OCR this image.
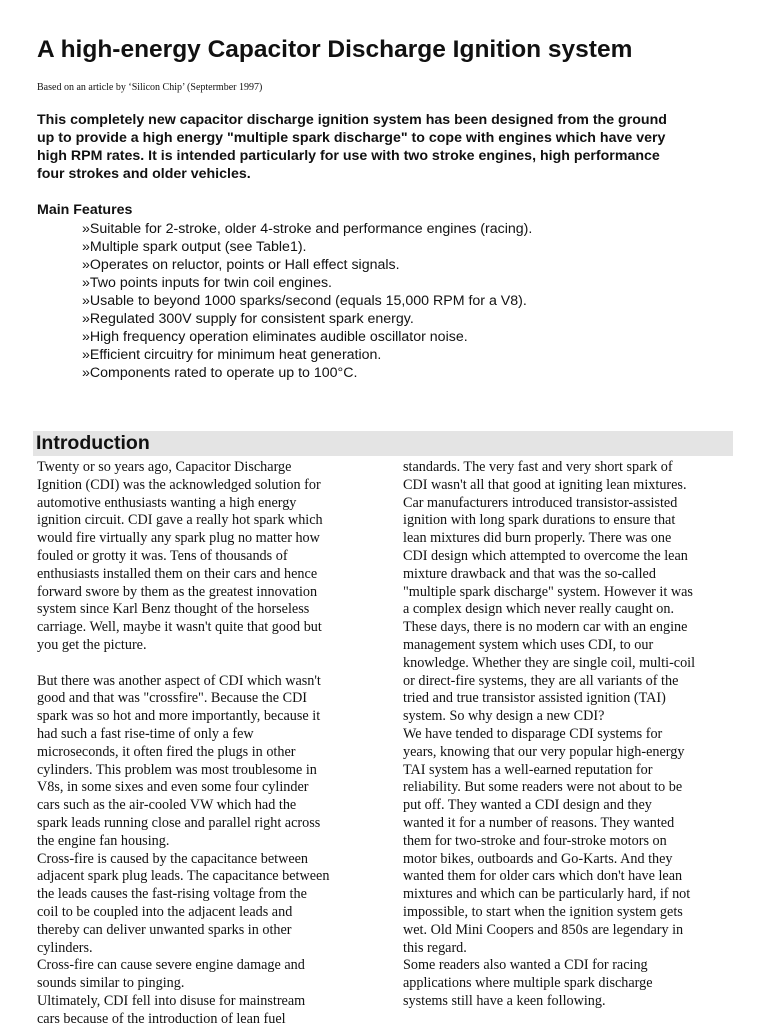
A high-energy Capacitor Discharge Ignition system
Based on an article by ‘Silicon Chip’ (Septermber 1997)

This completely new capacitor discharge ignition system has been designed from the ground

up to provide a high energy "multiple spark discharge" to cope with engines which have very

high RPM rates. It is intended particularly for use with two stroke engines, high performance

four strokes and older vehicles.

Main Features
»Suitable for 2-stroke, older 4-stroke and performance engines (racing).
»Multiple spark output (see Table1).
»Operates on reluctor, points or Hall effect signals.
»Two points inputs for twin coil engines.
»Usable to beyond 1000 sparks/second (equals 15,000 RPM for a V8).
»Regulated 300V supply for consistent spark energy.
»High frequency operation eliminates audible oscillator noise.
»Efficient circuitry for minimum heat generation.
»Components rated to operate up to 100°C.
Introduction
Twenty or so years ago, Capacitor Discharge
Ignition (CDI) was the acknowledged solution for
automotive enthusiasts wanting a high energy
ignition circuit. CDI gave a really hot spark which
would fire virtually any spark plug no matter how
fouled or grotty it was. Tens of thousands of
enthusiasts installed them on their cars and hence
forward swore by them as the greatest innovation
system since Karl Benz thought of the horseless
carriage. Well, maybe it wasn't quite that good but
you get the picture.
But there was another aspect of CDI which wasn't
good and that was "crossfire". Because the CDI
spark was so hot and more importantly, because it
had such a fast rise-time of only a few
microseconds, it often fired the plugs in other
cylinders. This problem was most troublesome in
V8s, in some sixes and even some four cylinder
cars such as the air-cooled VW which had the
spark leads running close and parallel right across
the engine fan housing.
Cross-fire is caused by the capacitance between
adjacent spark plug leads. The capacitance between
the leads causes the fast-rising voltage from the
coil to be coupled into the adjacent leads and
thereby can deliver unwanted sparks in other
cylinders.
Cross-fire can cause severe engine damage and
sounds similar to pinging.
Ultimately, CDI fell into disuse for mainstream
cars because of the introduction of lean fuel
standards. The very fast and very short spark of
CDI wasn't all that good at igniting lean mixtures.
Car manufacturers introduced transistor-assisted
ignition with long spark durations to ensure that
lean mixtures did burn properly. There was one
CDI design which attempted to overcome the lean
mixture drawback and that was the so-called
"multiple spark discharge" system. However it was
a complex design which never really caught on.
These days, there is no modern car with an engine
management system which uses CDI, to our
knowledge. Whether they are single coil, multi-coil
or direct-fire systems, they are all variants of the
tried and true transistor assisted ignition (TAI)
system. So why design a new CDI?
We have tended to disparage CDI systems for
years, knowing that our very popular high-energy
TAI system has a well-earned reputation for
reliability. But some readers were not about to be
put off. They wanted a CDI design and they
wanted it for a number of reasons. They wanted
them for two-stroke and four-stroke motors on
motor bikes, outboards and Go-Karts. And they
wanted them for older cars which don't have lean
mixtures and which can be particularly hard, if not
impossible, to start when the ignition system gets
wet. Old Mini Coopers and 850s are legendary in
this regard.
Some readers also wanted a CDI for racing
applications where multiple spark discharge
systems still have a keen following.
